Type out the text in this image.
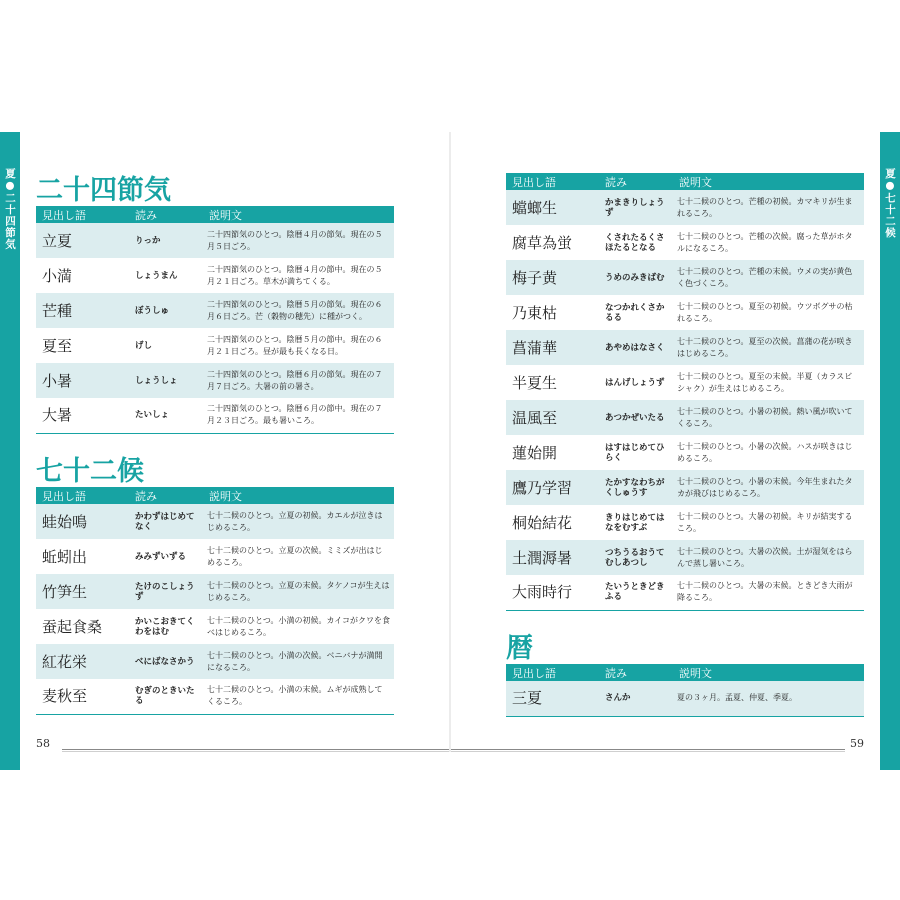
夏●二十四節気	夏●七十二候
二十四節気
見出し語	読み	説明文
立夏	りっか	二十四節気のひとつ。陰暦４月の節気。現在の５月５日ごろ。
小満	しょうまん	二十四節気のひとつ。陰暦４月の節中。現在の５月２１日ごろ。草木が満ちてくる。
芒種	ぼうしゅ	二十四節気のひとつ。陰暦５月の節気。現在の６月６日ごろ。芒（穀物の穂先）に種がつく。
夏至	げし	二十四節気のひとつ。陰暦５月の節中。現在の６月２１日ごろ。昼が最も長くなる日。
小暑	しょうしょ	二十四節気のひとつ。陰暦６月の節気。現在の７月７日ごろ。大暑の前の暑さ。
大暑	たいしょ	二十四節気のひとつ。陰暦６月の節中。現在の７月２３日ごろ。最も暑いころ。
七十二候
見出し語	読み	説明文
蛙始鳴	かわずはじめてなく	七十二候のひとつ。立夏の初候。カエルが泣きはじめるころ。
蚯蚓出	みみずいずる	七十二候のひとつ。立夏の次候。ミミズが出はじめるころ。
竹笋生	たけのこしょうず	七十二候のひとつ。立夏の末候。タケノコが生えはじめるころ。
蚕起食桑	かいこおきてくわをはむ	七十二候のひとつ。小満の初候。カイコがクワを食べはじめるころ。
紅花栄	べにばなさかう	七十二候のひとつ。小満の次候。ベニバナが満開になるころ。
麦秋至	むぎのときいたる	七十二候のひとつ。小満の末候。ムギが成熟してくるころ。
見出し語	読み	説明文
蟷螂生	かまきりしょうず	七十二候のひとつ。芒種の初候。カマキリが生まれるころ。
腐草為蛍	くされたるくさほたるとなる	七十二候のひとつ。芒種の次候。腐った草がホタルになるころ。
梅子黄	うめのみきばむ	七十二候のひとつ。芒種の末候。ウメの実が黄色く色づくころ。
乃東枯	なつかれくさかるる	七十二候のひとつ。夏至の初候。ウツボグサの枯れるころ。
菖蒲華	あやめはなさく	七十二候のひとつ。夏至の次候。菖蒲の花が咲きはじめるころ。
半夏生	はんげしょうず	七十二候のひとつ。夏至の末候。半夏（カラスビシャク）が生えはじめるころ。
温風至	あつかぜいたる	七十二候のひとつ。小暑の初候。熱い風が吹いてくるころ。
蓮始開	はすはじめてひらく	七十二候のひとつ。小暑の次候。ハスが咲きはじめるころ。
鷹乃学習	たかすなわちがくしゅうす	七十二候のひとつ。小暑の末候。今年生まれたタカが飛びはじめるころ。
桐始結花	きりはじめてはなをむすぶ	七十二候のひとつ。大暑の初候。キリが結実するころ。
土潤溽暑	つちうるおうてむしあつし	七十二候のひとつ。大暑の次候。土が湿気をはらんで蒸し暑いころ。
大雨時行	たいうときどきふる	七十二候のひとつ。大暑の末候。ときどき大雨が降るころ。
暦
見出し語	読み	説明文
三夏	さんか	夏の３ヶ月。孟夏、仲夏、季夏。
58	59
